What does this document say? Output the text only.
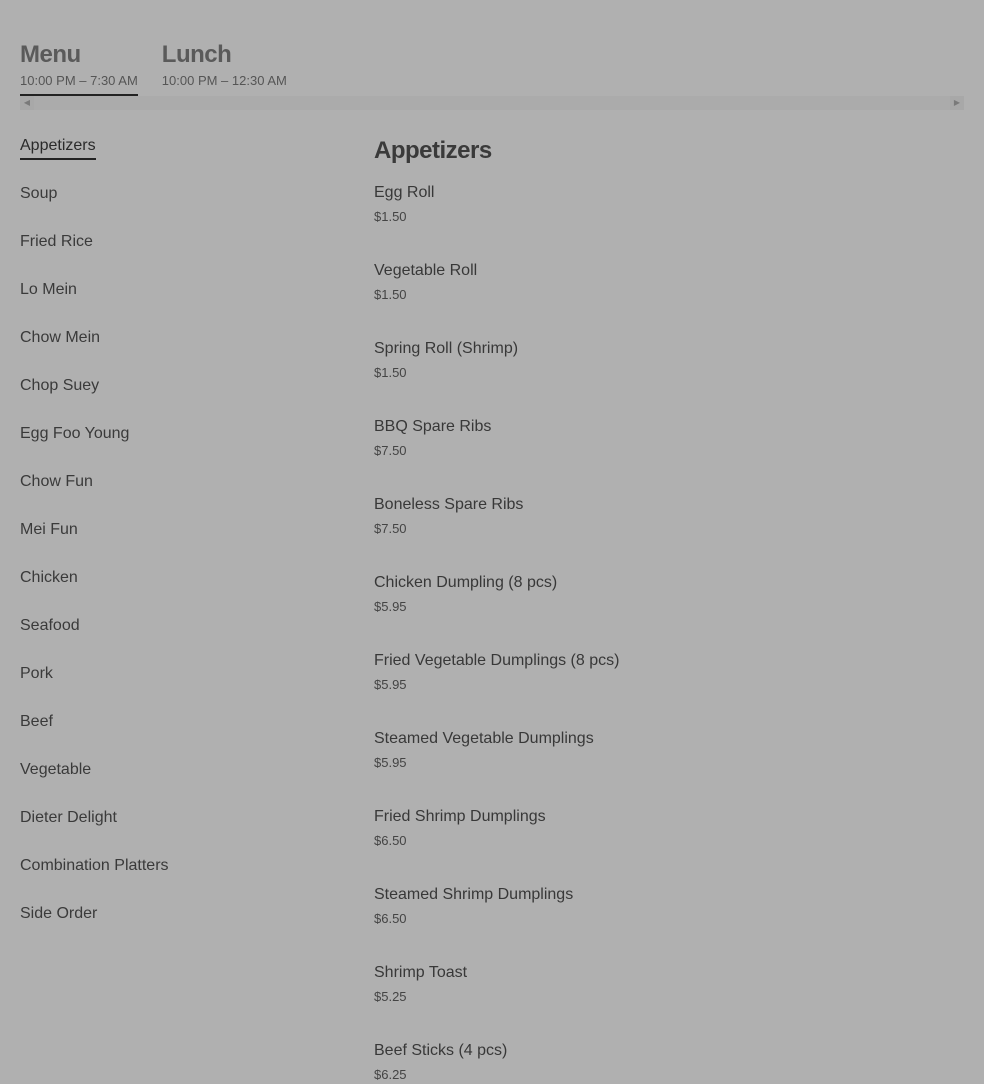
Menu
10:00 PM – 7:30 AM
Lunch
10:00 PM – 12:30 AM
◀	▶
Appetizers
Soup
Fried Rice
Lo Mein
Chow Mein
Chop Suey
Egg Foo Young
Chow Fun
Mei Fun
Chicken
Seafood
Pork
Beef
Vegetable
Dieter Delight
Combination Platters
Side Order
Appetizers
Egg Roll
$1.50
Vegetable Roll
$1.50
Spring Roll (Shrimp)
$1.50
BBQ Spare Ribs
$7.50
Boneless Spare Ribs
$7.50
Chicken Dumpling (8 pcs)
$5.95
Fried Vegetable Dumplings (8 pcs)
$5.95
Steamed Vegetable Dumplings
$5.95
Fried Shrimp Dumplings
$6.50
Steamed Shrimp Dumplings
$6.50
Shrimp Toast
$5.25
Beef Sticks (4 pcs)
$6.25
